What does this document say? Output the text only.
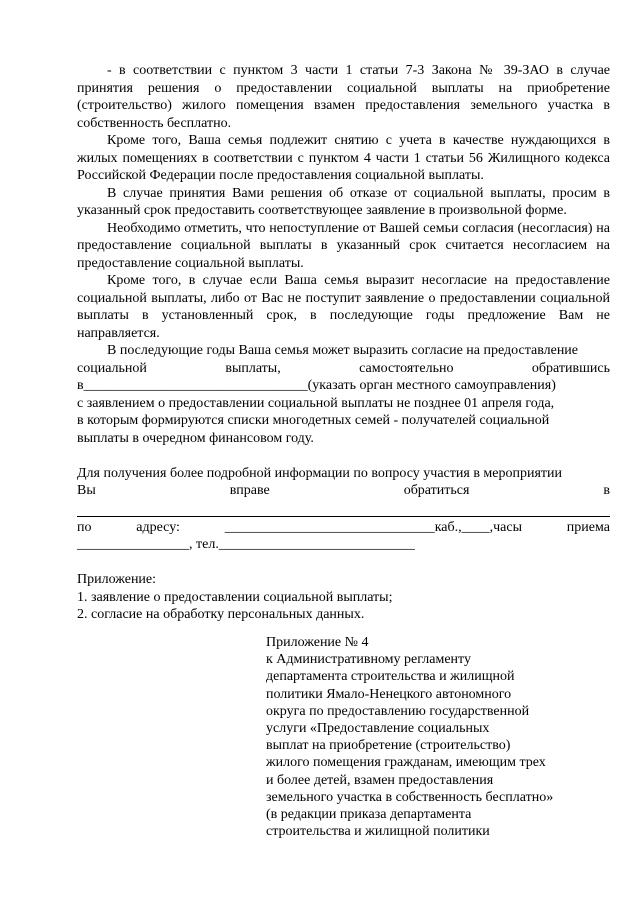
- в соответствии с пунктом 3 части 1 статьи 7-3 Закона № 39-ЗАО в случае принятия решения о предоставлении социальной выплаты на приобретение (строительство) жилого помещения взамен предоставления земельного участка в собственность бесплатно.

Кроме того, Ваша семья подлежит снятию с учета в качестве нуждающихся в жилых помещениях в соответствии с пунктом 4 части 1 статьи 56 Жилищного кодекса Российской Федерации после предоставления социальной выплаты.

В случае принятия Вами решения об отказе от социальной выплаты, просим в указанный срок предоставить соответствующее заявление в произвольной форме.

Необходимо отметить, что непоступление от Вашей семьи согласия (несогласия) на предоставление социальной выплаты в указанный срок считается несогласием на предоставление социальной выплаты.

Кроме того, в случае если Ваша семья выразит несогласие на предоставление социальной выплаты, либо от Вас не поступит заявление о предоставлении социальной выплаты в установленный срок, в последующие годы предложение Вам не направляется.

В последующие годы Ваша семья может выразить согласие на предоставление
социальной	выплаты,	самостоятельно	обратившись
в________________________________(указать орган местного самоуправления)
с заявлением о предоставлении социальной выплаты не позднее 01 апреля года,
в которым формируются списки многодетных семей - получателей социальной
выплаты в очередном финансовом году.
Для получения более подробной информации по вопросу участия в мероприятии
Вы	вправе	обратиться	в
по	адресу:	______________________________каб.,____,часы	приема
________________, тел.____________________________
Приложение:
1. заявление о предоставлении социальной выплаты;
2. согласие на обработку персональных данных.
Приложение № 4
к Административному регламенту
департамента строительства и жилищной
политики Ямало-Ненецкого автономного
округа по предоставлению государственной
услуги «Предоставление социальных
выплат на приобретение (строительство)
жилого помещения гражданам, имеющим трех
и более детей, взамен предоставления
земельного участка в собственность бесплатно»
(в редакции приказа департамента
строительства и жилищной политики
